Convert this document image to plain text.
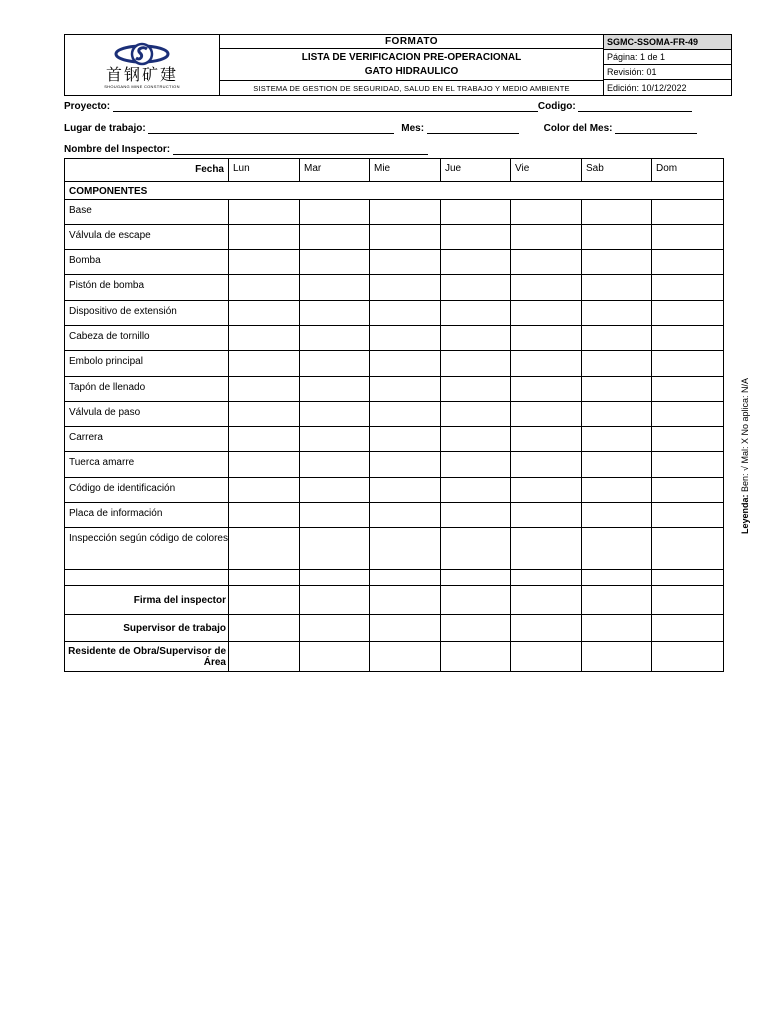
首钢矿建
SHOUGANG MINE CONSTRUCTION
FORMATO
LISTA DE VERIFICACION PRE-OPERACIONAL
GATO HIDRAULICO
SISTEMA DE GESTION DE SEGURIDAD, SALUD EN EL TRABAJO Y MEDIO AMBIENTE
SGMC-SSOMA-FR-49
Página: 1 de 1
Revisión: 01
Edición: 10/12/2022
Proyecto:	Codigo:
Lugar de trabajo:	Mes:	Color del Mes:
Nombre del Inspector:
Fecha Lun	Mar	Mie	Jue	Vie	Sab	Dom
COMPONENTES
Base
Válvula de escape
Bomba
Pistón de bomba
Dispositivo de extensión
Cabeza de tornillo
Embolo principal
Tapón de llenado
Válvula de paso
Carrera
Tuerca amarre
Código de identificación
Placa de información
Inspección según código de colores
Firma del inspector
Supervisor de trabajo
Residente de Obra/Supervisor de Área
Leyenda: Ben: √ Mal: X No aplica: N/A
